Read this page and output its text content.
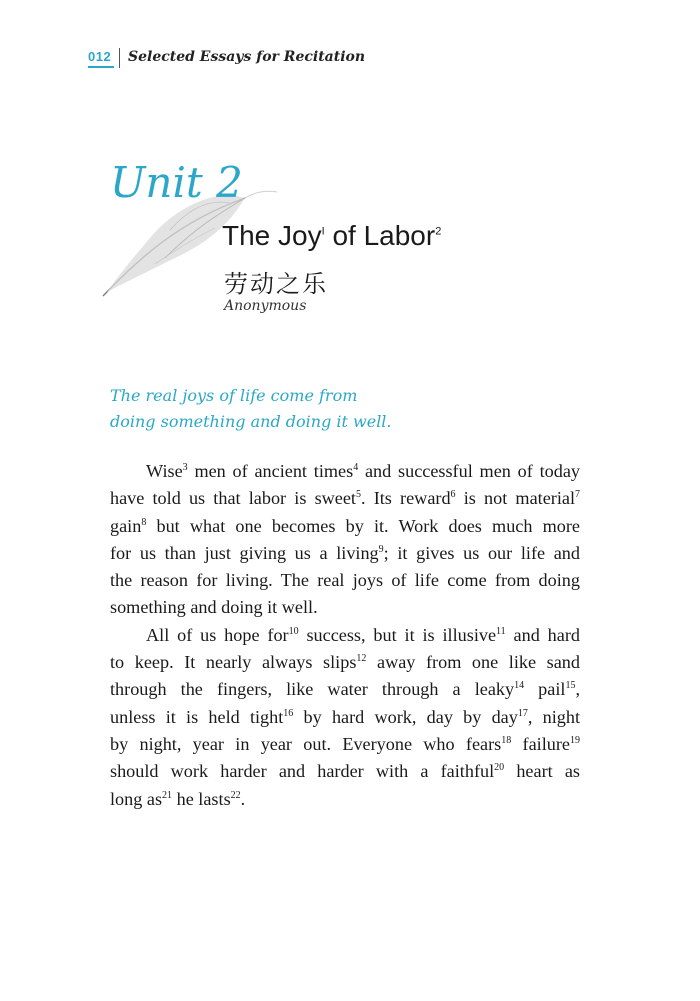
012 Selected Essays for Recitation
Unit 2
The Joy$^I$ of Labor$^2$
劳动之乐
Anonymous
The real joys of life come from
doing something and doing it well.
Wise$^3$ men of ancient times$^4$ and successful men of today
have told us that labor is sweet$^5$. Its reward$^6$ is not material$^7$
gain$^8$ but what one becomes by it. Work does much more
for us than just giving us a living$^9$; it gives us our life and
the reason for living. The real joys of life come from doing
something and doing it well.
All of us hope for$^{10}$ success, but it is illusive$^{11}$ and hard
to keep. It nearly always slips$^{12}$ away from one like sand
through the fingers, like water through a leaky$^{14}$ pail$^{15}$,
unless it is held tight$^{16}$ by hard work, day by day$^{17}$, night
by night, year in year out. Everyone who fears$^{18}$ failure$^{19}$
should work harder and harder with a faithful$^{20}$ heart as
long $as^{21}$ he lasts$^{22}$.
